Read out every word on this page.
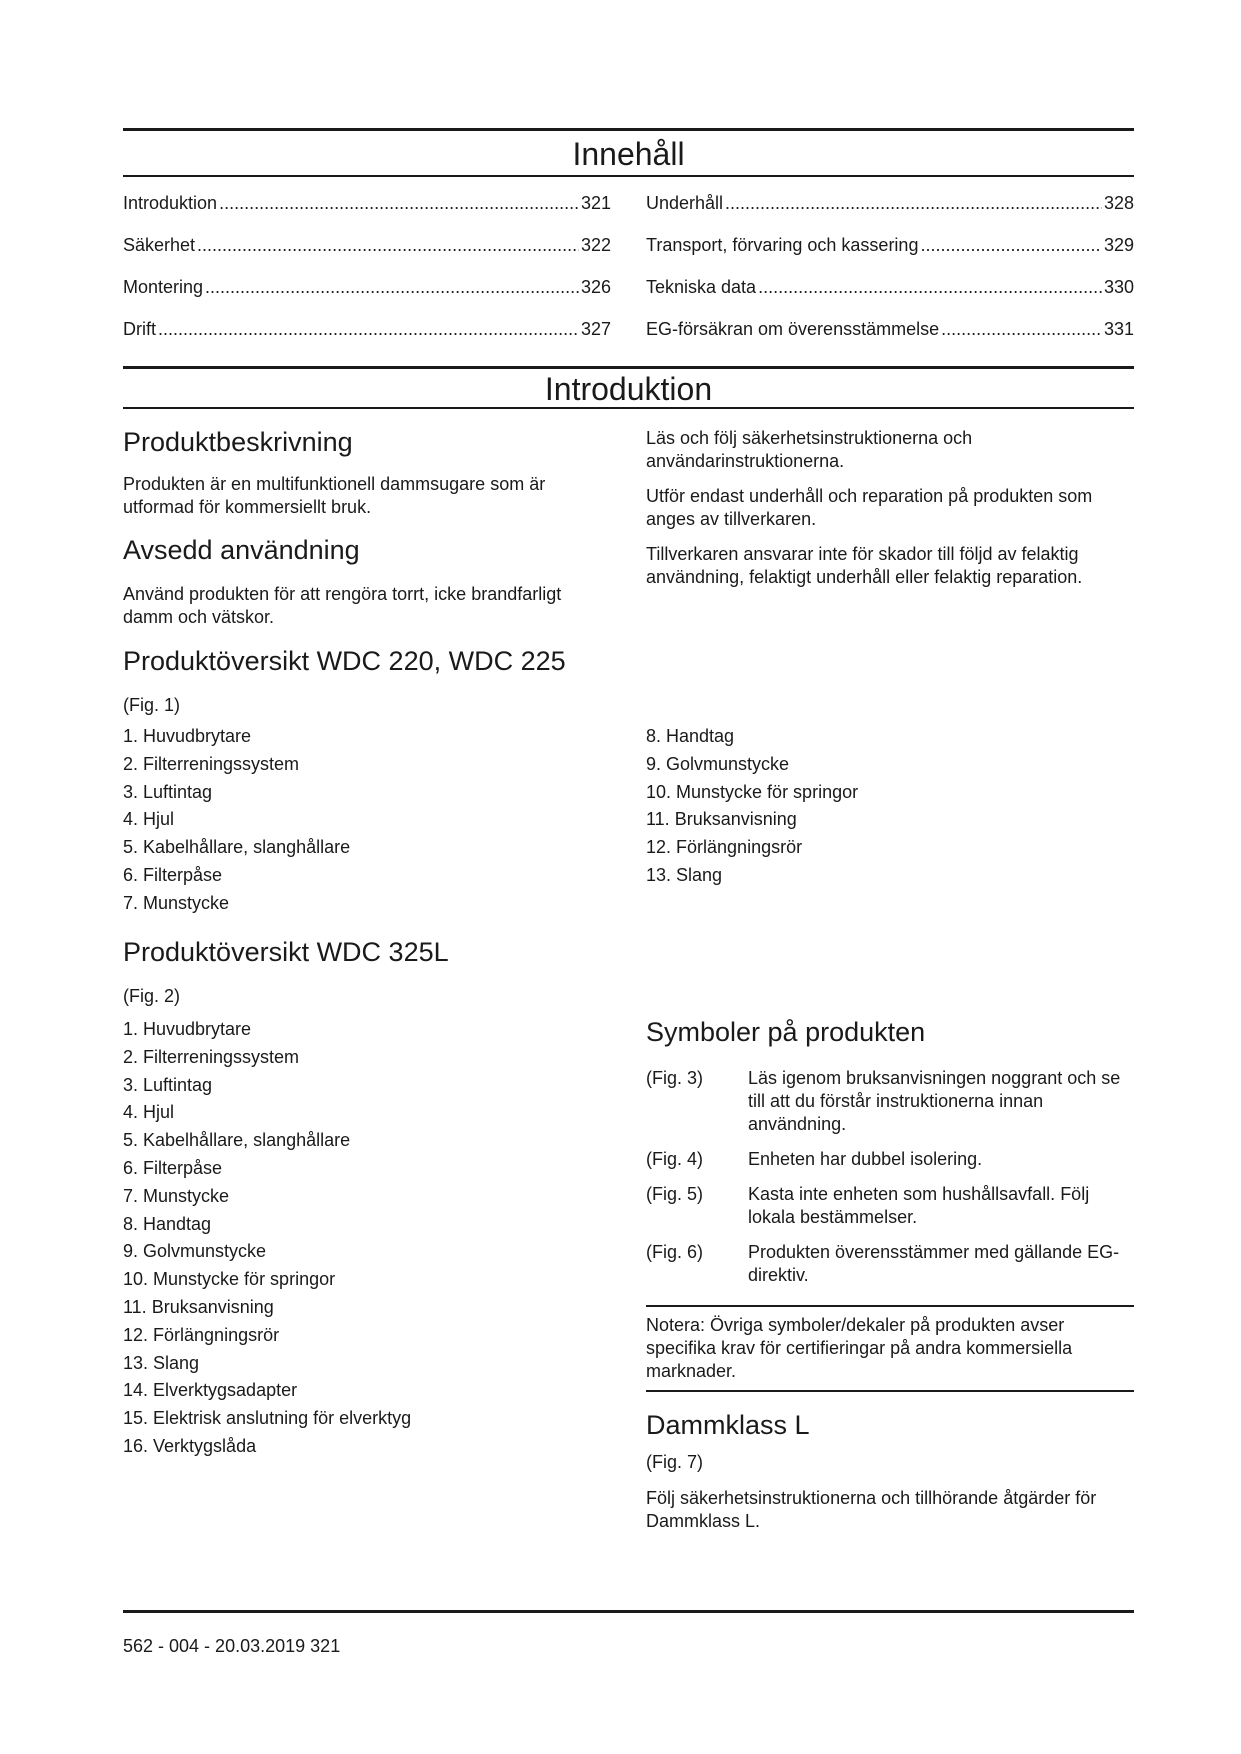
Innehåll
Introduktion .....	321
Säkerhet .....	322
Montering .....	326
Drift .....	327
Underhåll .....	328
Transport, förvaring och kassering .....	329
Tekniska data .....	330
EG-försäkran om överensstämmelse .....	331
Introduktion
Produktbeskrivning

Produkten är en multifunktionell dammsugare som är utformad för kommersiellt bruk.

Avsedd användning

Använd produkten för att rengöra torrt, icke brandfarligt damm och vätskor.

Läs och följ säkerhetsinstruktionerna och användarinstruktionerna.

Utför endast underhåll och reparation på produkten som anges av tillverkaren.

Tillverkaren ansvarar inte för skador till följd av felaktig användning, felaktigt underhåll eller felaktig reparation.

Produktöversikt WDC 220, WDC 225
(Fig. 1)
1. Huvudbrytare
2. Filterreningssystem
3. Luftintag
4. Hjul
5. Kabelhållare, slanghållare
6. Filterpåse
7. Munstycke
8. Handtag
9. Golvmunstycke
10. Munstycke för springor
11. Bruksanvisning
12. Förlängningsrör
13. Slang
Produktöversikt WDC 325L
(Fig. 2)
1. Huvudbrytare
2. Filterreningssystem
3. Luftintag
4. Hjul
5. Kabelhållare, slanghållare
6. Filterpåse
7. Munstycke
8. Handtag
9. Golvmunstycke
10. Munstycke för springor
11. Bruksanvisning
12. Förlängningsrör
13. Slang
14. Elverktygsadapter
15. Elektrisk anslutning för elverktyg
16. Verktygslåda
Symboler på produkten
(Fig. 3)	Läs igenom bruksanvisningen noggrant och se till att du förstår instruktionerna innan användning.
(Fig. 4)	Enheten har dubbel isolering.
(Fig. 5)	Kasta inte enheten som hushållsavfall. Följ lokala bestämmelser.
(Fig. 6)	Produkten överensstämmer med gällande EG-direktiv.

Notera: Övriga symboler/dekaler på produkten avser specifika krav för certifieringar på andra kommersiella marknader.

Dammklass L
(Fig. 7)

Följ säkerhetsinstruktionerna och tillhörande åtgärder för Dammklass L.

562 - 004 - 20.03.2019 321
